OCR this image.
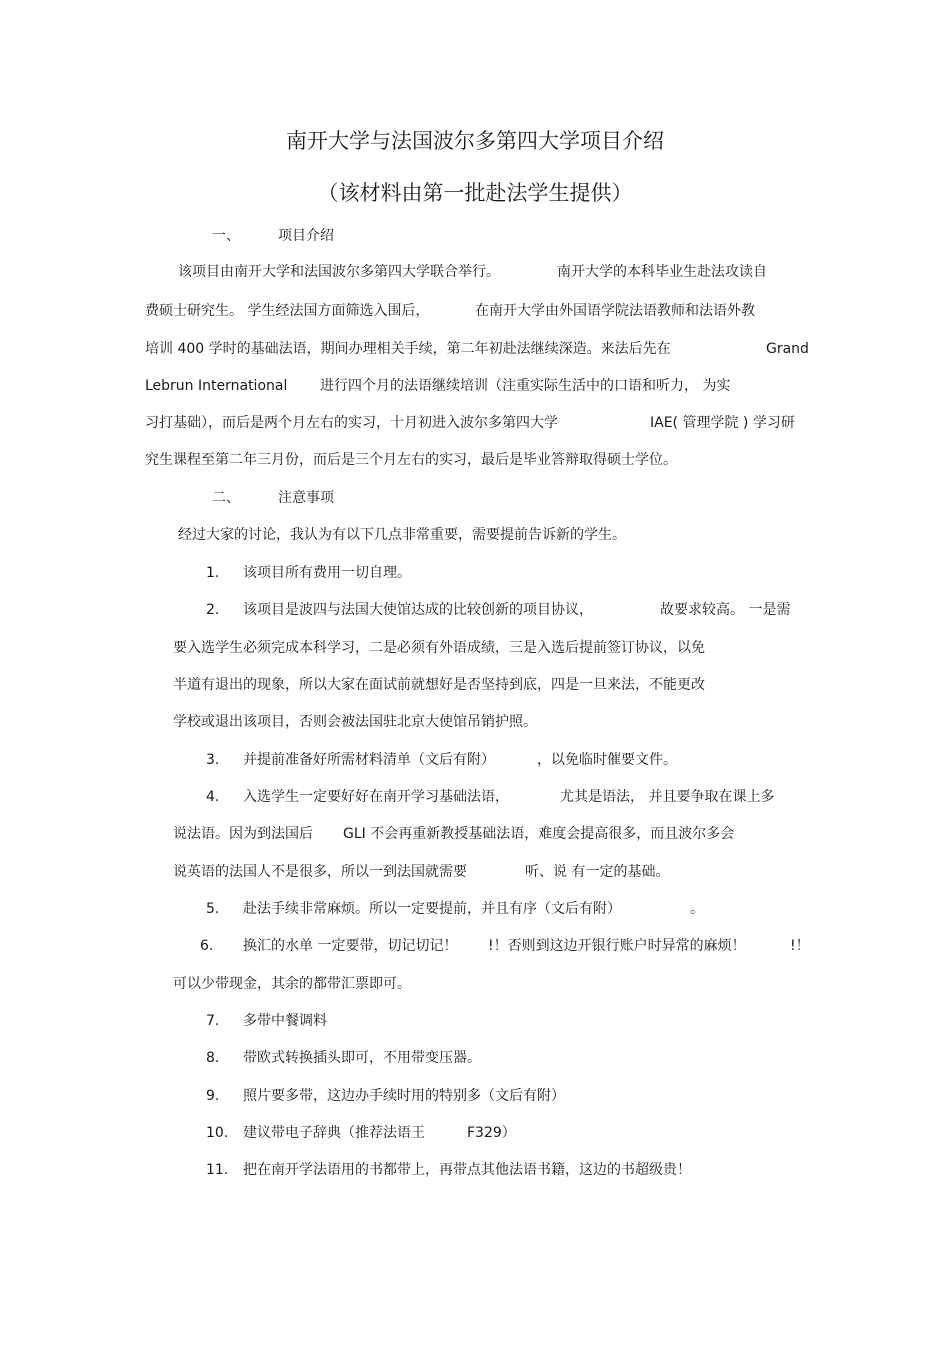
南开大学与法国波尔多第四大学项目介绍
（该材料由第一批赴法学生提供）
一、	项目介绍
该项目由南开大学和法国波尔多第四大学联合举行。	南开大学的本科毕业生赴法攻读自
费硕士研究生。 学生经法国方面筛选入围后，	在南开大学由外国语学院法语教师和法语外教
培训 400 学时的基础法语，期间办理相关手续，第二年初赴法继续深造。来法后先在	Grand
Lebrun International 进行四个月的法语继续培训（注重实际生活中的口语和听力， 为实
习打基础），而后是两个月左右的实习，十月初进入波尔多第四大学	IAE( 管理学院 ) 学习研
究生课程至第二年三月份，而后是三个月左右的实习，最后是毕业答辩取得硕士学位。
二、	注意事项
经过大家的讨论，我认为有以下几点非常重要，需要提前告诉新的学生。
1. 该项目所有费用一切自理。
2. 该项目是波四与法国大使馆达成的比较创新的项目协议，	故要求较高。 一是需
要入选学生必须完成本科学习，二是必须有外语成绩，三是入选后提前签订协议，以免
半道有退出的现象，所以大家在面试前就想好是否坚持到底，四是一旦来法，不能更改
学校或退出该项目，否则会被法国驻北京大使馆吊销护照。
3. 并提前准备好所需材料清单（文后有附）	，以免临时催要文件。
4. 入选学生一定要好好在南开学习基础法语，	尤其是语法， 并且要争取在课上多
说法语。因为到法国后 GLI 不会再重新教授基础法语，难度会提高很多，而且波尔多会
说英语的法国人不是很多，所以一到法国就需要	听、说 有一定的基础。
5. 赴法手续非常麻烦。所以一定要提前，并且有序（文后有附）	。
6. 换汇的水单 一定要带，切记切记！ !！否则到这边开银行账户时异常的麻烦！	!！
可以少带现金，其余的都带汇票即可。
7. 多带中餐调料
8. 带欧式转换插头即可，不用带变压器。
9. 照片要多带，这边办手续时用的特别多（文后有附）
10. 建议带电子辞典（推荐法语王	F329）
11. 把在南开学法语用的书都带上，再带点其他法语书籍，这边的书超级贵！
